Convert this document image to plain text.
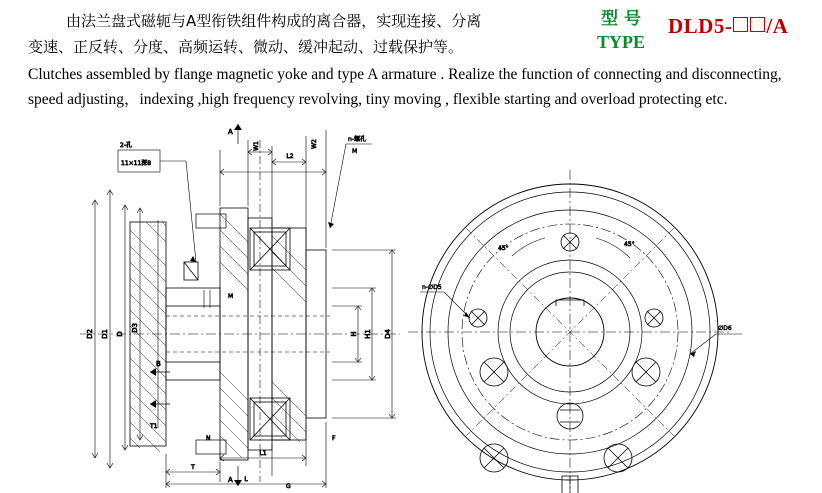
由法兰盘式磁轭与A型衔铁组件构成的离合器，实现连接、分离
变速、正反转、分度、高频运转、微动、缓冲起动、过载保护等。
Clutches assembled by flange magnetic yoke and type A armature . Realize the function of connecting and disconnecting,
speed adjusting，indexing ,high frequency revolving, tiny moving , flexible starting and overload protecting etc.
型 号
TYPE
DLD5- /A
D2 D1 D
D3
2-孔
11×11深8
W1
L2
W2
A
A
n-螺孔
M
D4
H1
H
M
B
T
L1
L
F
N
G
T1
45°
45°
n-∅D5
∅D6
